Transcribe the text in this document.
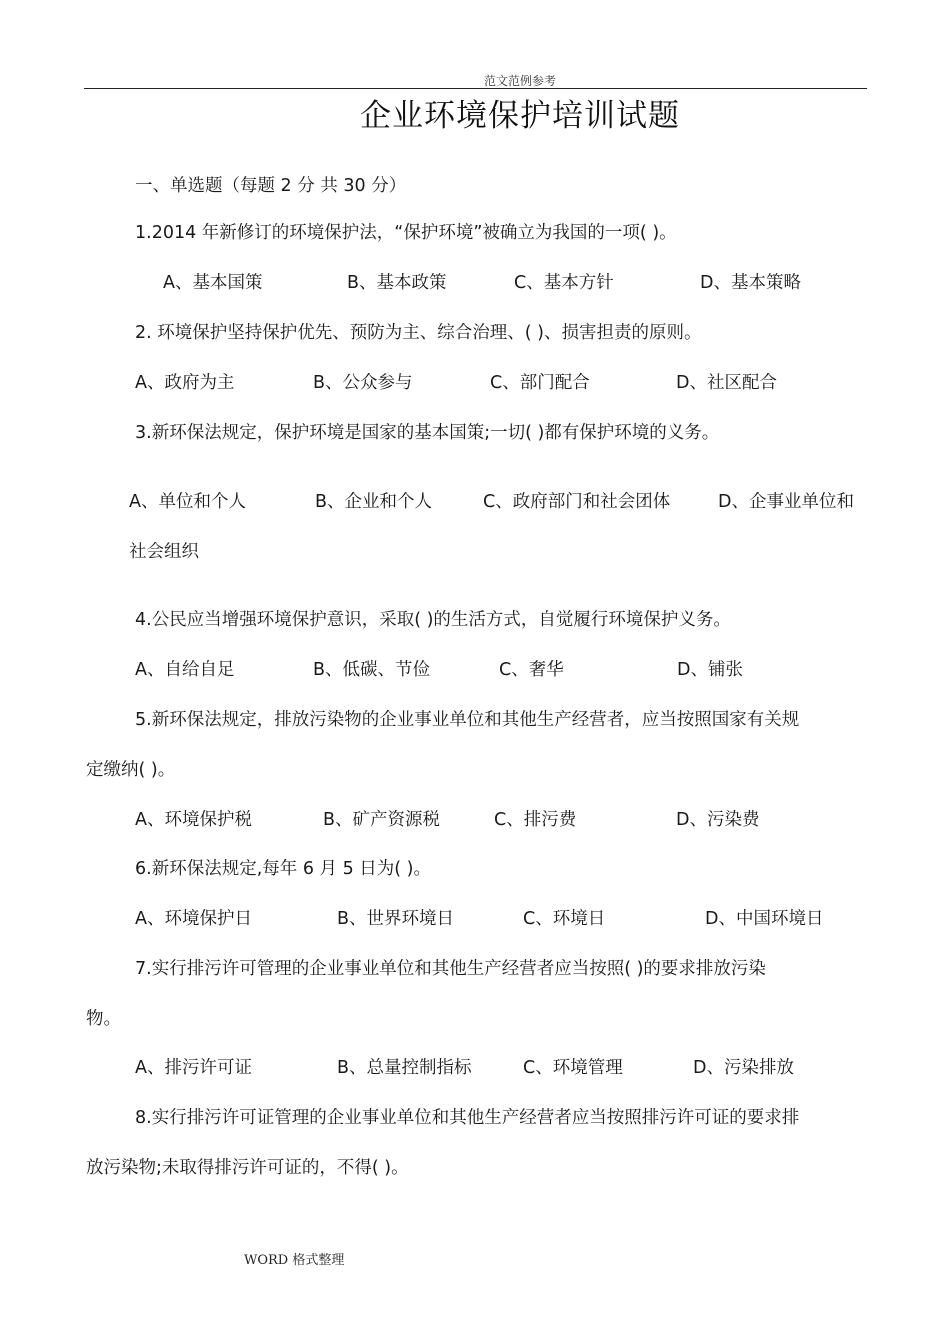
范文范例参考
企业环境保护培训试题
一、单选题（每题 2 分 共 30 分）
1.2014 年新修订的环境保护法，“保护环境”被确立为我国的一项( )。
A、基本国策	B、基本政策	C、基本方针	D、基本策略
2. 环境保护坚持保护优先、预防为主、综合治理、( )、损害担责的原则。
A、政府为主	B、公众参与	C、部门配合	D、社区配合
3.新环保法规定，保护环境是国家的基本国策;一切( )都有保护环境的义务。
A、单位和个人	B、企业和个人	C、政府部门和社会团体	D、企事业单位和
社会组织
4.公民应当增强环境保护意识，采取( )的生活方式，自觉履行环境保护义务。
A、自给自足	B、低碳、节俭	C、奢华	D、铺张
5.新环保法规定，排放污染物的企业事业单位和其他生产经营者，应当按照国家有关规
定缴纳( )。
A、环境保护税	B、矿产资源税	C、排污费	D、污染费
6.新环保法规定,每年 6 月 5 日为( )。
A、环境保护日	B、世界环境日	C、环境日	D、中国环境日
7.实行排污许可管理的企业事业单位和其他生产经营者应当按照( )的要求排放污染
物。
A、排污许可证	B、总量控制指标	C、环境管理	D、污染排放
8.实行排污许可证管理的企业事业单位和其他生产经营者应当按照排污许可证的要求排
放污染物;未取得排污许可证的，不得( )。
WORD 格式整理
